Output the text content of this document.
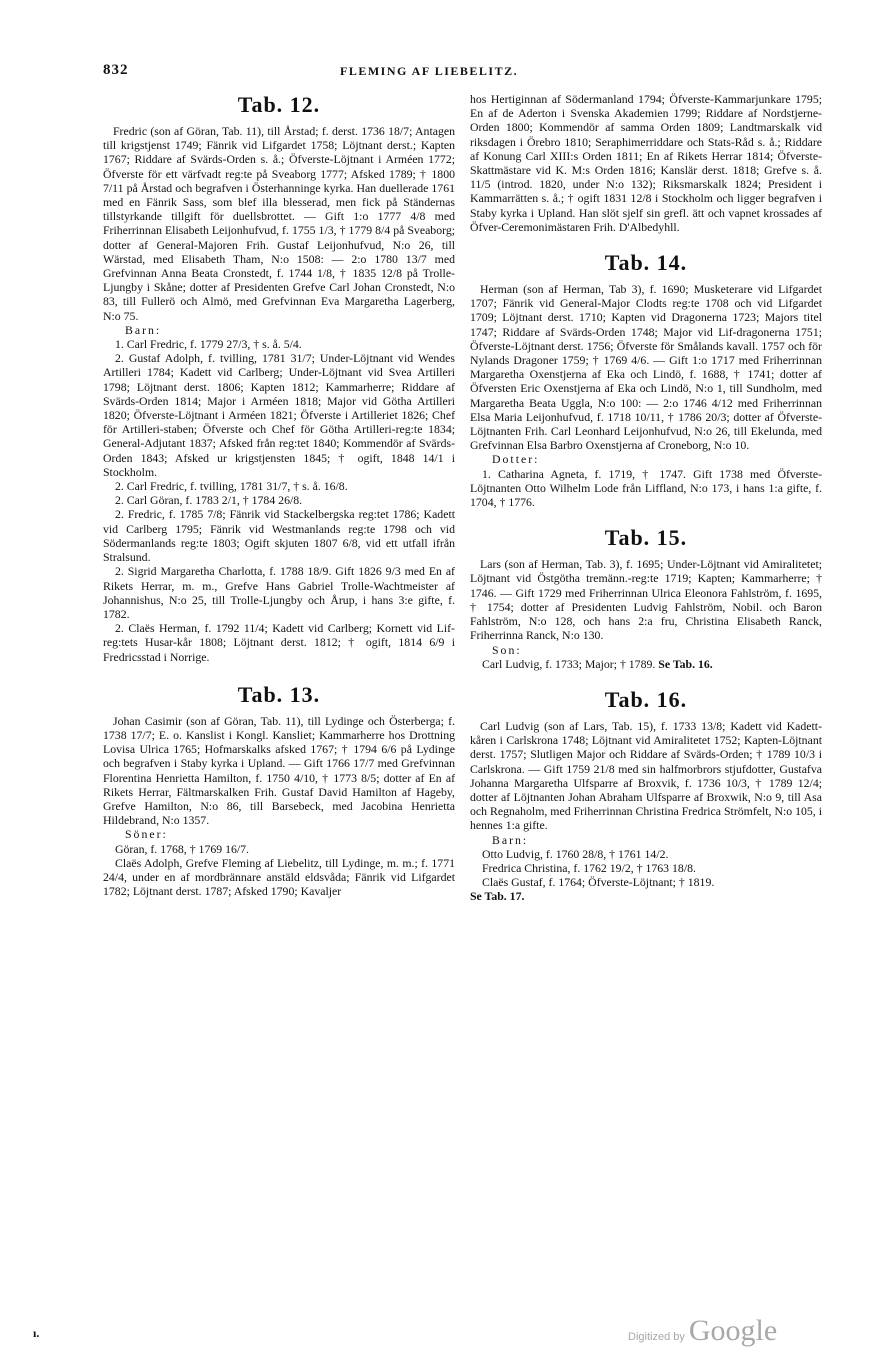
832	FLEMING AF LIEBELITZ.
Tab. 12.

Fredric (son af Göran, Tab. 11), till Årstad; f. derst. 1736 18/7; Antagen till krigstjenst 1749; Fänrik vid Lifgardet 1758; Löjtnant derst.; Kapten 1767; Riddare af Svärds-Orden s. å.; Öfverste-Löjtnant i Arméen 1772; Öfverste för ett värfvadt reg:te på Sveaborg 1777; Afsked 1789; † 1800 7/11 på Årstad och begrafven i Österhanninge kyrka. Han duellerade 1761 med en Fänrik Sass, som blef illa blesserad, men fick på Ständernas tillstyrkande tillgift för duellsbrottet. — Gift 1:o 1777 4/8 med Friherrinnan Elisabeth Leijonhufvud, f. 1755 1/3, † 1779 8/4 på Sveaborg; dotter af General-Majoren Frih. Gustaf Leijonhufvud, N:o 26, till Wärstad, med Elisabeth Tham, N:o 1508: — 2:o 1780 13/7 med Grefvinnan Anna Beata Cronstedt, f. 1744 1/8, † 1835 12/8 på Trolle-Ljungby i Skåne; dotter af Presidenten Grefve Carl Johan Cronstedt, N:o 83, till Fullerö och Almö, med Grefvinnan Eva Margaretha Lagerberg, N:o 75.

Barn:

1. Carl Fredric, f. 1779 27/3, † s. å. 5/4.

2. Gustaf Adolph, f. tvilling, 1781 31/7; Under-Löjtnant vid Wendes Artilleri 1784; Kadett vid Carlberg; Under-Löjtnant vid Svea Artilleri 1798; Löjtnant derst. 1806; Kapten 1812; Kammarherre; Riddare af Svärds-Orden 1814; Major i Arméen 1818; Major vid Götha Artilleri 1820; Öfverste-Löjtnant i Arméen 1821; Öfverste i Artilleriet 1826; Chef för Artilleri-staben; Öfverste och Chef för Götha Artilleri-reg:te 1834; General-Adjutant 1837; Afsked från reg:tet 1840; Kommendör af Svärds-Orden 1843; Afsked ur krigstjensten 1845; † ogift, 1848 14/1 i Stockholm.

2. Carl Fredric, f. tvilling, 1781 31/7, † s. å. 16/8.

2. Carl Göran, f. 1783 2/1, † 1784 26/8.

2. Fredric, f. 1785 7/8; Fänrik vid Stackelbergska reg:tet 1786; Kadett vid Carlberg 1795; Fänrik vid Westmanlands reg:te 1798 och vid Södermanlands reg:te 1803; Ogift skjuten 1807 6/8, vid ett utfall ifrån Stralsund.

2. Sigrid Margaretha Charlotta, f. 1788 18/9. Gift 1826 9/3 med En af Rikets Herrar, m. m., Grefve Hans Gabriel Trolle-Wachtmeister af Johannishus, N:o 25, till Trolle-Ljungby och Årup, i hans 3:e gifte, f. 1782.

2. Claës Herman, f. 1792 11/4; Kadett vid Carlberg; Kornett vid Lif-reg:tets Husar-kår 1808; Löjtnant derst. 1812; † ogift, 1814 6/9 i Fredricsstad i Norrige.

Tab. 13.

Johan Casimir (son af Göran, Tab. 11), till Lydinge och Österberga; f. 1738 17/7; E. o. Kanslist i Kongl. Kansliet; Kammarherre hos Drottning Lovisa Ulrica 1765; Hofmarskalks afsked 1767; † 1794 6/6 på Lydinge och begrafven i Staby kyrka i Upland. — Gift 1766 17/7 med Grefvinnan Florentina Henrietta Hamilton, f. 1750 4/10, † 1773 8/5; dotter af En af Rikets Herrar, Fältmarskalken Frih. Gustaf David Hamilton af Hageby, Grefve Hamilton, N:o 86, till Barsebeck, med Jacobina Henrietta Hildebrand, N:o 1357.

Söner:

Göran, f. 1768, † 1769 16/7.

Claës Adolph, Grefve Fleming af Liebelitz, till Lydinge, m. m.; f. 1771 24/4, under en af mordbrännare anstäld eldsvåda; Fänrik vid Lifgardet 1782; Löjtnant derst. 1787; Afsked 1790; Kavaljer

hos Hertiginnan af Södermanland 1794; Öfverste-Kammarjunkare 1795; En af de Aderton i Svenska Akademien 1799; Riddare af Nordstjerne-Orden 1800; Kommendör af samma Orden 1809; Landtmarskalk vid riksdagen i Örebro 1810; Seraphimerriddare och Stats-Råd s. å.; Riddare af Konung Carl XIII:s Orden 1811; En af Rikets Herrar 1814; Öfverste-Skattmästare vid K. M:s Orden 1816; Kanslär derst. 1818; Grefve s. å. 11/5 (introd. 1820, under N:o 132); Riksmarskalk 1824; President i Kammarrätten s. å.; † ogift 1831 12/8 i Stockholm och ligger begrafven i Staby kyrka i Upland. Han slöt sjelf sin grefl. ätt och vapnet krossades af Öfver-Ceremonimästaren Frih. D'Albedyhll.

Tab. 14.

Herman (son af Herman, Tab 3), f. 1690; Musketerare vid Lifgardet 1707; Fänrik vid General-Major Clodts reg:te 1708 och vid Lifgardet 1709; Löjtnant derst. 1710; Kapten vid Dragonerna 1723; Majors titel 1747; Riddare af Svärds-Orden 1748; Major vid Lif-dragonerna 1751; Öfverste-Löjtnant derst. 1756; Öfverste för Smålands kavall. 1757 och för Nylands Dragoner 1759; † 1769 4/6. — Gift 1:o 1717 med Friherrinnan Margaretha Oxenstjerna af Eka och Lindö, f. 1688, † 1741; dotter af Öfversten Eric Oxenstjerna af Eka och Lindö, N:o 1, till Sundholm, med Margaretha Beata Uggla, N:o 100: — 2:o 1746 4/12 med Friherrinnan Elsa Maria Leijonhufvud, f. 1718 10/11, † 1786 20/3; dotter af Öfverste-Löjtnanten Frih. Carl Leonhard Leijonhufvud, N:o 26, till Ekelunda, med Grefvinnan Elsa Barbro Oxenstjerna af Croneborg, N:o 10.

Dotter:

1. Catharina Agneta, f. 1719, † 1747. Gift 1738 med Öfverste-Löjtnanten Otto Wilhelm Lode från Liffland, N:o 173, i hans 1:a gifte, f. 1704, † 1776.

Tab. 15.

Lars (son af Herman, Tab. 3), f. 1695; Under-Löjtnant vid Amiralitetet; Löjtnant vid Östgötha tremänn.-reg:te 1719; Kapten; Kammarherre; † 1746. — Gift 1729 med Friherrinnan Ulrica Eleonora Fahlström, f. 1695, † 1754; dotter af Presidenten Ludvig Fahlström, Nobil. och Baron Fahlström, N:o 128, och hans 2:a fru, Christina Elisabeth Ranck, Friherrinna Ranck, N:o 130.

Son:

Carl Ludvig, f. 1733; Major; † 1789. Se Tab. 16.

Tab. 16.

Carl Ludvig (son af Lars, Tab. 15), f. 1733 13/8; Kadett vid Kadett-kåren i Carlskrona 1748; Löjtnant vid Amiralitetet 1752; Kapten-Löjtnant derst. 1757; Slutligen Major och Riddare af Svärds-Orden; † 1789 10/3 i Carlskrona. — Gift 1759 21/8 med sin halfmorbrors stjufdotter, Gustafva Johanna Margaretha Ulfsparre af Broxvik, f. 1736 10/3, † 1789 12/4; dotter af Löjtnanten Johan Abraham Ulfsparre af Broxwik, N:o 9, till Asa och Regnaholm, med Friherrinnan Christina Fredrica Strömfelt, N:o 105, i hennes 1:a gifte.

Barn:

Otto Ludvig, f. 1760 28/8, † 1761 14/2.

Fredrica Christina, f. 1762 19/2, † 1763 18/8.

Claës Gustaf, f. 1764; Öfverste-Löjtnant; † 1819.

Se Tab. 17.

ı.	Digitized by Google
